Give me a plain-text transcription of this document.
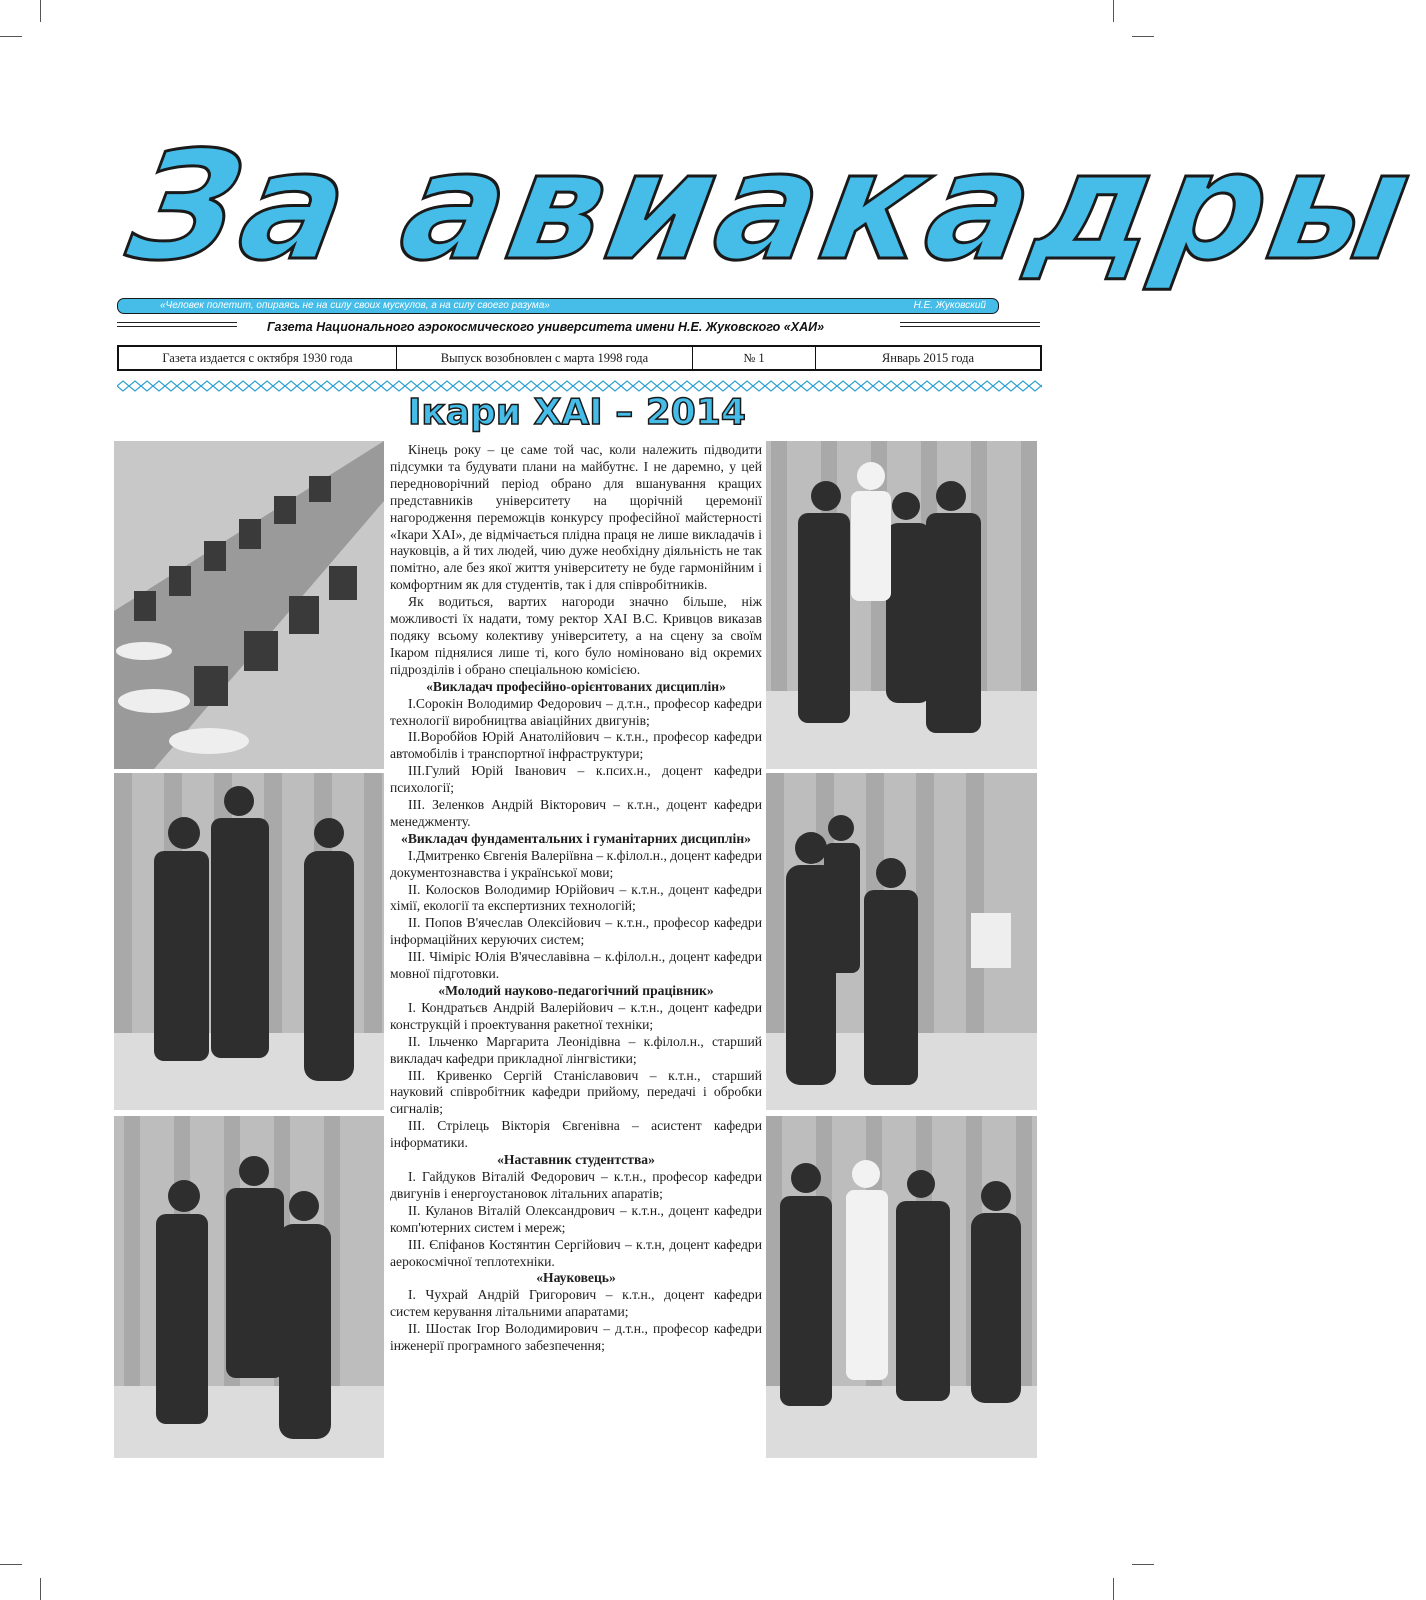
За авиакадры
«Человек полетит, опираясь не на силу своих мускулов, а на силу своего разума»	Н.Е. Жуковский
Газета Национального аэрокосмического университета имени Н.Е. Жуковского «ХАИ»
Газета издается с октября 1930 года	Выпуск возобновлен с марта 1998 года	№ 1	Январь 2015 года
Ікари ХАІ – 2014

Кінець року – це саме той час, коли належить підводити підсумки та будувати плани на майбутнє. І не даремно, у цей передноворічний період обрано для вшанування кращих представників університету на щорічній церемонії нагородження переможців конкурсу професійної майстерності «Ікари ХАІ», де відмічається плідна праця не лише викладачів і науковців, а й тих людей, чию дуже необхідну діяльність не так помітно, але без якої життя університету не буде гармонійним і комфортним як для студентів, так і для співробітників.

Як водиться, вартих нагороди значно більше, ніж можливості їх надати, тому ректор ХАІ В.С. Кривцов виказав подяку всьому колективу університету, а на сцену за своїм Ікаром піднялися лише ті, кого було номіновано від окремих підрозділів і обрано спеціальною комісією.

«Викладач професійно-орієнтованих дисциплін»

І.Сорокін Володимир Федорович – д.т.н., професор кафедри технології виробництва авіаційних двигунів;

ІІ.Воробйов Юрій Анатолійович – к.т.н., професор кафедри автомобілів і транспортної інфраструктури;

ІІІ.Гулий Юрій Іванович – к.псих.н., доцент кафедри психології;

ІІІ. Зеленков Андрій Вікторович – к.т.н., доцент кафедри менеджменту.

«Викладач фундаментальних і гуманітарних дисциплін»

І.Дмитренко Євгенія Валеріївна – к.філол.н., доцент кафедри документознавства і української мови;

ІІ. Колосков Володимир Юрійович – к.т.н., доцент кафедри хімії, екології та експертизних технологій;

ІІ. Попов В'ячеслав Олексійович – к.т.н., професор кафедри інформаційних керуючих систем;

ІІІ. Чіміріс Юлія В'ячеславівна – к.філол.н., доцент кафедри мовної підготовки.

«Молодий науково-педагогічний працівник»

І. Кондратьєв Андрій Валерійович – к.т.н., доцент кафедри конструкцій і проектування ракетної техніки;

ІІ. Ільченко Маргарита Леонідівна – к.філол.н., старший викладач кафедри прикладної лінгвістики;

ІІІ. Кривенко Сергій Станіславович – к.т.н., старший науковий співробітник кафедри прийому, передачі і обробки сигналів;

ІІІ. Стрілець Вікторія Євгенівна – асистент кафедри інформатики.

«Наставник студентства»

І. Гайдуков Віталій Федорович – к.т.н., професор кафедри двигунів і енергоустановок літальних апаратів;

ІІ. Куланов Віталій Олександрович – к.т.н., доцент кафедри комп'ютерних систем і мереж;

ІІІ. Єпіфанов Костянтин Сергійович – к.т.н, доцент кафедри аерокосмічної теплотехніки.

«Науковець»

І. Чухрай Андрій Григорович – к.т.н., доцент кафедри систем керування літальними апаратами;

ІІ. Шостак Ігор Володимирович – д.т.н., професор кафедри інженерії програмного забезпечення;
